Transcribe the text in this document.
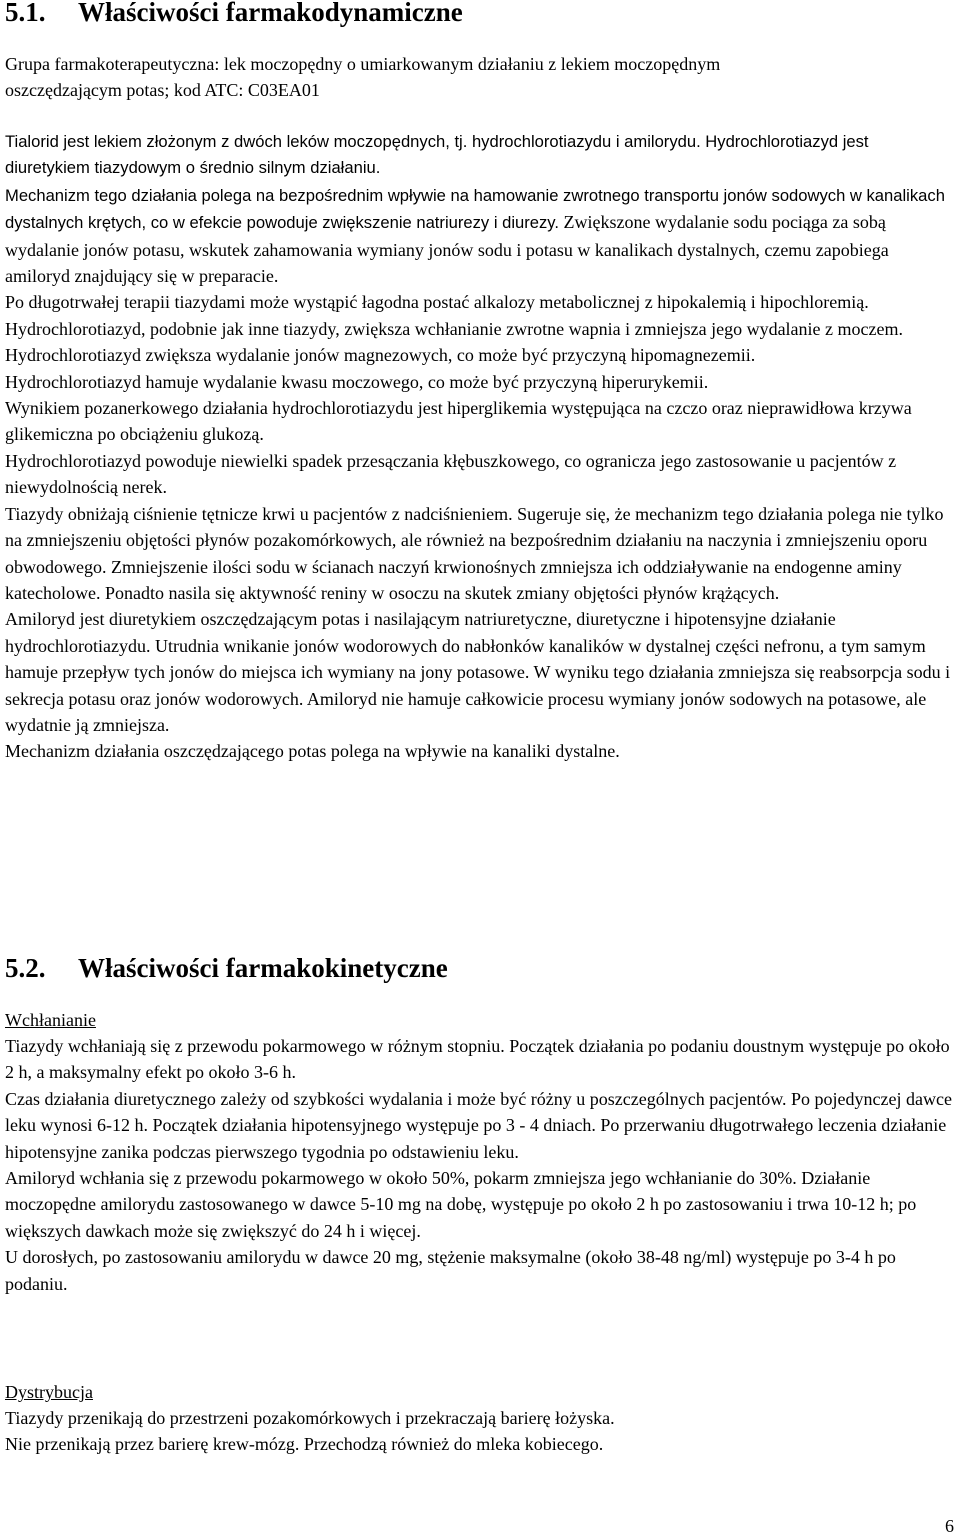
5.1. Właściwości farmakodynamiczne

Grupa farmakoterapeutyczna: lek moczopędny o umiarkowanym działaniu z lekiem moczopędnym

oszczędzającym potas; kod ATC: C03EA01

Tialorid jest lekiem złożonym z dwóch leków moczopędnych, tj. hydrochlorotiazydu i amilorydu. Hydrochlorotiazyd jest diuretykiem tiazydowym o średnio silnym działaniu.

Mechanizm tego działania polega na bezpośrednim wpływie na hamowanie zwrotnego transportu jonów sodowych w kanalikach dystalnych krętych, co w efekcie powoduje zwiększenie natriurezy i diurezy. Zwiększone wydalanie sodu pociąga za sobą wydalanie jonów potasu, wskutek zahamowania wymiany jonów sodu i potasu w kanalikach dystalnych, czemu zapobiega amiloryd znajdujący się w preparacie.

Po długotrwałej terapii tiazydami może wystąpić łagodna postać alkalozy metabolicznej z hipokalemią i hipochloremią.

Hydrochlorotiazyd, podobnie jak inne tiazydy, zwiększa wchłanianie zwrotne wapnia i zmniejsza jego wydalanie z moczem.

Hydrochlorotiazyd zwiększa wydalanie jonów magnezowych, co może być przyczyną hipomagnezemii.

Hydrochlorotiazyd hamuje wydalanie kwasu moczowego, co może być przyczyną hiperurykemii.

Wynikiem pozanerkowego działania hydrochlorotiazydu jest hiperglikemia występująca na czczo oraz nieprawidłowa krzywa glikemiczna po obciążeniu glukozą.

Hydrochlorotiazyd powoduje niewielki spadek przesączania kłębuszkowego, co ogranicza jego zastosowanie u pacjentów z niewydolnością nerek.

Tiazydy obniżają ciśnienie tętnicze krwi u pacjentów z nadciśnieniem. Sugeruje się, że mechanizm tego działania polega nie tylko na zmniejszeniu objętości płynów pozakomórkowych, ale również na bezpośrednim działaniu na naczynia i zmniejszeniu oporu obwodowego. Zmniejszenie ilości sodu w ścianach naczyń krwionośnych zmniejsza ich oddziaływanie na endogenne aminy katecholowe. Ponadto nasila się aktywność reniny w osoczu na skutek zmiany objętości płynów krążących.

Amiloryd jest diuretykiem oszczędzającym potas i nasilającym natriuretyczne, diuretyczne i hipotensyjne działanie hydrochlorotiazydu. Utrudnia wnikanie jonów wodorowych do nabłonków kanalików w dystalnej części nefronu, a tym samym hamuje przepływ tych jonów do miejsca ich wymiany na jony potasowe. W wyniku tego działania zmniejsza się reabsorpcja sodu i sekrecja potasu oraz jonów wodorowych. Amiloryd nie hamuje całkowicie procesu wymiany jonów sodowych na potasowe, ale wydatnie ją zmniejsza.

Mechanizm działania oszczędzającego potas polega na wpływie na kanaliki dystalne.

5.2. Właściwości farmakokinetyczne

Wchłanianie

Tiazydy wchłaniają się z przewodu pokarmowego w różnym stopniu. Początek działania po podaniu doustnym występuje po około 2 h, a maksymalny efekt po około 3-6 h.

Czas działania diuretycznego zależy od szybkości wydalania i może być różny u poszczególnych pacjentów. Po pojedynczej dawce leku wynosi 6-12 h. Początek działania hipotensyjnego występuje po 3 - 4 dniach. Po przerwaniu długotrwałego leczenia działanie hipotensyjne zanika podczas pierwszego tygodnia po odstawieniu leku.

Amiloryd wchłania się z przewodu pokarmowego w około 50%, pokarm zmniejsza jego wchłanianie do 30%. Działanie moczopędne amilorydu zastosowanego w dawce 5-10 mg na dobę, występuje po około 2 h po zastosowaniu i trwa 10-12 h; po większych dawkach może się zwiększyć do 24 h i więcej.

U dorosłych, po zastosowaniu amilorydu w dawce 20 mg, stężenie maksymalne (około 38-48 ng/ml) występuje po 3-4 h po podaniu.

Dystrybucja

Tiazydy przenikają do przestrzeni pozakomórkowych i przekraczają barierę łożyska.

Nie przenikają przez barierę krew-mózg. Przechodzą również do mleka kobiecego.

6
